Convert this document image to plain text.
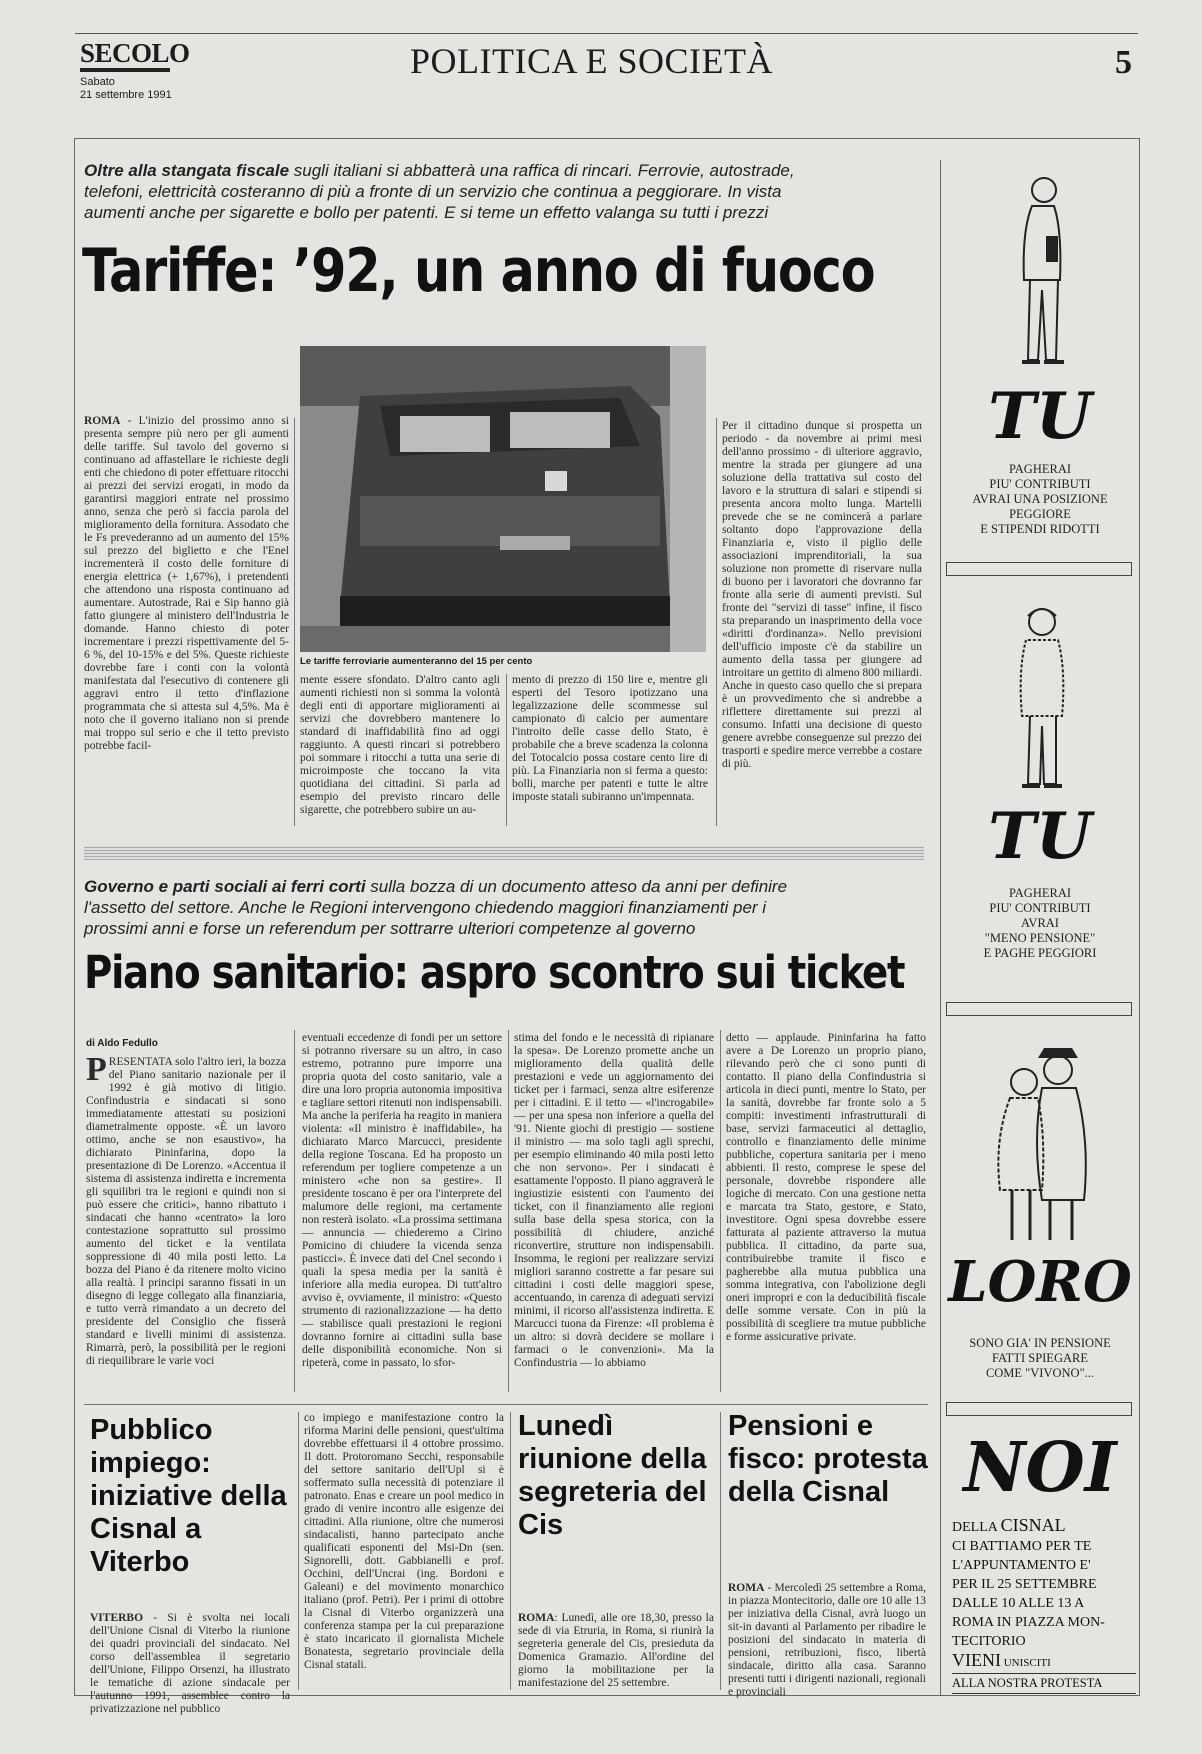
SECOLO
Sabato
21 settembre 1991
POLITICA E SOCIETÀ	5
Oltre alla stangata fiscale sugli italiani si abbatterà una raffica di rincari. Ferrovie, autostrade, telefoni, elettricità costeranno di più a fronte di un servizio che continua a peggiorare. In vista aumenti anche per sigarette e bollo per patenti. E si teme un effetto valanga su tutti i prezzi
Tariffe: ’92, un anno di fuoco
Le tariffe ferroviarie aumenteranno del 15 per cento
ROMA - L'inizio del prossimo anno si presenta sempre più nero per gli aumenti delle tariffe. Sul tavolo del governo si continuano ad affastellare le richieste degli enti che chiedono di poter effettuare ritocchi ai prezzi dei servizi erogati, in modo da garantirsi maggiori entrate nel prossimo anno, senza che però si faccia parola del miglioramento della fornitura. Assodato che le Fs prevederanno ad un aumento del 15% sul prezzo del biglietto e che l'Enel incrementerà il costo delle forniture di energia elettrica (+ 1,67%), i pretendenti che attendono una risposta continuano ad aumentare. Autostrade, Rai e Sip hanno già fatto giungere al ministero dell'Industria le domande. Hanno chiesto di poter incrementare i prezzi rispettivamente del 5-6 %, del 10-15% e del 5%. Queste richieste dovrebbe fare i conti con la volontà manifestata dal l'esecutivo di contenere gli aggravi entro il tetto d'inflazione programmata che si attesta sul 4,5%. Ma è noto che il governo italiano non si prende mai troppo sul serio e che il tetto previsto potrebbe facil-
mente essere sfondato. D'altro canto agli aumenti richiesti non si somma la volontà degli enti di apportare miglioramenti ai servizi che dovrebbero mantenere lo standard di inaffidabilità fino ad oggi raggiunto. A questi rincari si potrebbero poi sommare i ritocchi a tutta una serie di microimposte che toccano la vita quotidiana dei cittadini. Si parla ad esempio del previsto rincaro delle sigarette, che potrebbero subire un au-
mento di prezzo di 150 lire e, mentre gli esperti del Tesoro ipotizzano una legalizzazione delle scommesse sul campionato di calcio per aumentare l'introito delle casse dello Stato, è probabile che a breve scadenza la colonna del Totocalcio possa costare cento lire di più. La Finanziaria non si ferma a questo: bolli, marche per patenti e tutte le altre imposte statali subiranno un'impennata.
Per il cittadino dunque si prospetta un periodo - da novembre ai primi mesi dell'anno prossimo - di ulteriore aggravio, mentre la strada per giungere ad una soluzione della trattativa sul costo del lavoro e la struttura di salari e stipendi si presenta ancora molto lunga. Martelli prevede che se ne comincerà a parlare soltanto dopo l'approvazione della Finanziaria e, visto il piglio delle associazioni imprenditoriali, la sua soluzione non promette di riservare nulla di buono per i lavoratori che dovranno far fronte alla serie di aumenti previsti. Sul fronte dei "servizi di tasse" infine, il fisco sta preparando un inasprimento della voce «diritti d'ordinanza». Nello previsioni dell'ufficio imposte c'è da stabilire un aumento della tassa per giungere ad introitare un gettito di almeno 800 miliardi. Anche in questo caso quello che si prepara è un provvedimento che si andrebbe a riflettere direttamente sui prezzi al consumo. Infatti una decisione di questo genere avrebbe conseguenze sul prezzo dei trasporti e spedire merce verrebbe a costare di più.
Governo e parti sociali ai ferri corti sulla bozza di un documento atteso da anni per definire l'assetto del settore. Anche le Regioni intervengono chiedendo maggiori finanziamenti per i prossimi anni e forse un referendum per sottrarre ulteriori competenze al governo
Piano sanitario: aspro scontro sui ticket
di Aldo Fedullo
PRESENTATA solo l'altro ieri, la bozza del Piano sanitario nazionale per il 1992 è già motivo di litigio. Confindustria e sindacati si sono immediatamente attestati su posizioni diametralmente opposte. «È un lavoro ottimo, anche se non esaustivo», ha dichiarato Pininfarina, dopo la presentazione di De Lorenzo. «Accentua il sistema di assistenza indiretta e incrementa gli squilibri tra le regioni e quindi non si può essere che critici», hanno ribattuto i sindacati che hanno «centrato» la loro contestazione soprattutto sul prossimo aumento del ticket e la ventilata soppressione di 40 mila posti letto. La bozza del Piano è da ritenere molto vicino alla realtà. I principi saranno fissati in un disegno di legge collegato alla finanziaria, e tutto verrà rimandato a un decreto del presidente del Consiglio che fisserà standard e livelli minimi di assistenza. Rimarrà, però, la possibilità per le regioni di riequilibrare le varie voci
eventuali eccedenze di fondi per un settore si potranno riversare su un altro, in caso estremo, potranno pure imporre una propria quota del costo sanitario, vale a dire una loro propria autonomia impositiva e tagliare settori ritenuti non indispensabili. Ma anche la periferia ha reagito in maniera violenta: «Il ministro è inaffidabile», ha dichiarato Marco Marcucci, presidente della regione Toscana. Ed ha proposto un referendum per togliere competenze a un ministero «che non sa gestire». Il presidente toscano è per ora l'interprete del malumore delle regioni, ma certamente non resterà isolato. «La prossima settimana — annuncia — chiederemo a Cirino Pomicino di chiudere la vicenda senza pasticci». È invece dati del Cnel secondo i quali la spesa media per la sanità è inferiore alla media europea. Di tutt'altro avviso è, ovviamente, il ministro: «Questo strumento di razionalizzazione — ha detto — stabilisce quali prestazioni le regioni dovranno fornire ai cittadini sulla base delle disponibilità economiche. Non si ripeterà, come in passato, lo sfor-
stima del fondo e le necessità di ripianare la spesa». De Lorenzo promette anche un miglioramento della qualità delle prestazioni e vede un aggiornamento dei ticket per i farmaci, senza altre esiferenze per i cittadini. E il tetto — «l'incrogabile» — per una spesa non inferiore a quella del '91. Niente giochi di prestigio — sostiene il ministro — ma solo tagli agli sprechi, per esempio eliminando 40 mila posti letto che non servono». Per i sindacati è esattamente l'opposto. Il piano aggraverà le ingiustizie esistenti con l'aumento dei ticket, con il finanziamento alle regioni sulla base della spesa storica, con la possibilità di chiudere, anziché riconvertire, strutture non indispensabili. Insomma, le regioni per realizzare servizi migliori saranno costrette a far pesare sui cittadini i costi delle maggiori spese, accentuando, in carenza di adeguati servizi minimi, il ricorso all'assistenza indiretta. E Marcucci tuona da Firenze: «Il problema è un altro: si dovrà decidere se mollare i farmaci o le convenzioni». Ma la Confindustria — lo abbiamo
detto — applaude. Pininfarina ha fatto avere a De Lorenzo un proprio piano, rilevando però che ci sono punti di contatto. Il piano della Confindustria si articola in dieci punti, mentre lo Stato, per la sanità, dovrebbe far fronte solo a 5 compiti: investimenti infrastrutturali di base, servizi farmaceutici al dettaglio, controllo e finanziamento delle minime pubbliche, copertura sanitaria per i meno abbienti. Il resto, comprese le spese del personale, dovrebbe rispondere alle logiche di mercato. Con una gestione netta e marcata tra Stato, gestore, e Stato, investitore. Ogni spesa dovrebbe essere fatturata al paziente attraverso la mutua pubblica. Il cittadino, da parte sua, contribuirebbe tramite il fisco e pagherebbe alla mutua pubblica una somma integrativa, con l'abolizione degli oneri impropri e con la deducibilità fiscale delle somme versate. Con in più la possibilità di scegliere tra mutue pubbliche e forme assicurative private.
Pubblico impiego: iniziative della Cisnal a Viterbo
VITERBO - Si è svolta nei locali dell'Unione Cisnal di Viterbo la riunione dei quadri provinciali del sindacato. Nel corso dell'assemblea il segretario dell'Unione, Filippo Orsenzi, ha illustrato le tematiche di azione sindacale per l'autunno 1991, assemblee contro la privatizzazione nel pubblico
co impiego e manifestazione contro la riforma Marini delle pensioni, quest'ultima dovrebbe effettuarsi il 4 ottobre prossimo. Il dott. Protoromano Secchi, responsabile del settore sanitario dell'Upl si è soffermato sulla necessità di potenziare il patronato. Enas e creare un pool medico in grado di venire incontro alle esigenze dei cittadini. Alla riunione, oltre che numerosi sindacalisti, hanno partecipato anche qualificati esponenti del Msi-Dn (sen. Signorelli, dott. Gabbianelli e prof. Occhini, dell'Uncrai (ing. Bordoni e Galeani) e del movimento monarchico italiano (prof. Petri). Per i primi di ottobre la Cisnal di Viterbo organizzerà una conferenza stampa per la cui preparazione è stato incaricato il giornalista Michele Bonatesta, segretario provinciale della Cisnal statali.
Lunedì riunione della segreteria del Cis
ROMA: Lunedì, alle ore 18,30, presso la sede di via Etruria, in Roma, si riunirà la segreteria generale del Cis, presieduta da Domenica Gramazio. All'ordine del giorno la mobilitazione per la manifestazione del 25 settembre.
Pensioni e fisco: protesta della Cisnal
ROMA - Mercoledì 25 settembre a Roma, in piazza Montecitorio, dalle ore 10 alle 13 per iniziativa della Cisnal, avrà luogo un sit-in davanti al Parlamento per ribadire le posizioni del sindacato in materia di pensioni, retribuzioni, fisco, libertà sindacale, diritto alla casa. Saranno presenti tutti i dirigenti nazionali, regionali e provinciali
TU
PAGHERAI
PIU' CONTRIBUTI
AVRAI UNA POSIZIONE
PEGGIORE
E STIPENDI RIDOTTI
TU
PAGHERAI
PIU' CONTRIBUTI
AVRAI
"MENO PENSIONE"
E PAGHE PEGGIORI
LORO
SONO GIA' IN PENSIONE
FATTI SPIEGARE
COME "VIVONO"...
NOI
DELLA CISNAL
CI BATTIAMO PER TE
L'APPUNTAMENTO E'
PER IL 25 SETTEMBRE
DALLE 10 ALLE 13 A
ROMA IN PIAZZA MON-
TECITORIO
VIENI UNISCITI
ALLA NOSTRA PROTESTA
